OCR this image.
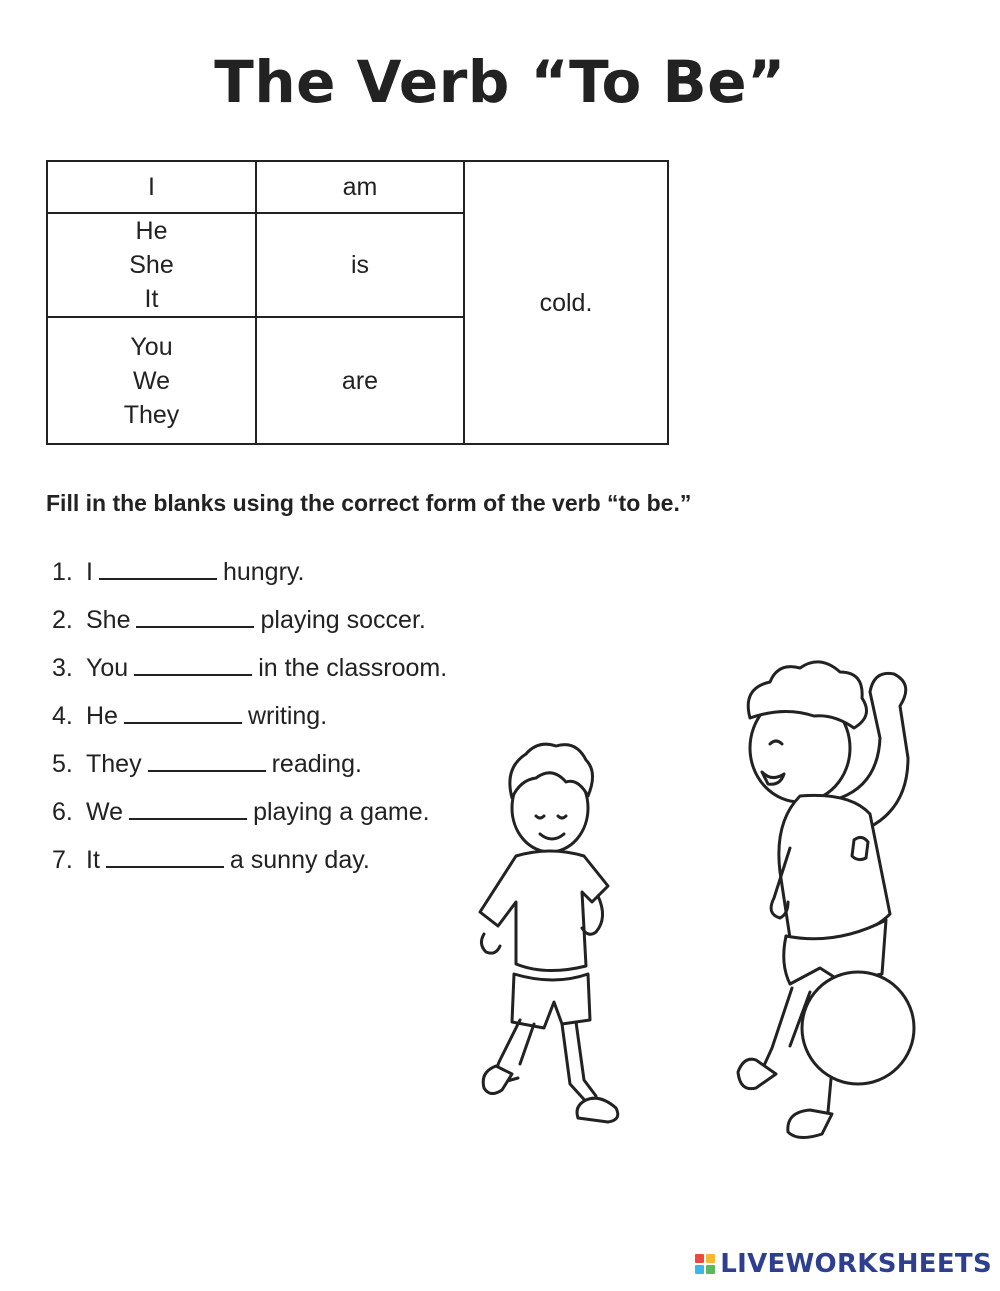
The Verb “To Be”
I	am	cold.

He
She
It	is	

You
We
They	are	
Fill in the blanks using the correct form of the verb “to be.”
1. I	hungry.
2. She	playing soccer.
3. You	in the classroom.
4. He	writing.
5. They	reading.
6. We	playing a game.
7. It	a sunny day.
LIVEWORKSHEETS
